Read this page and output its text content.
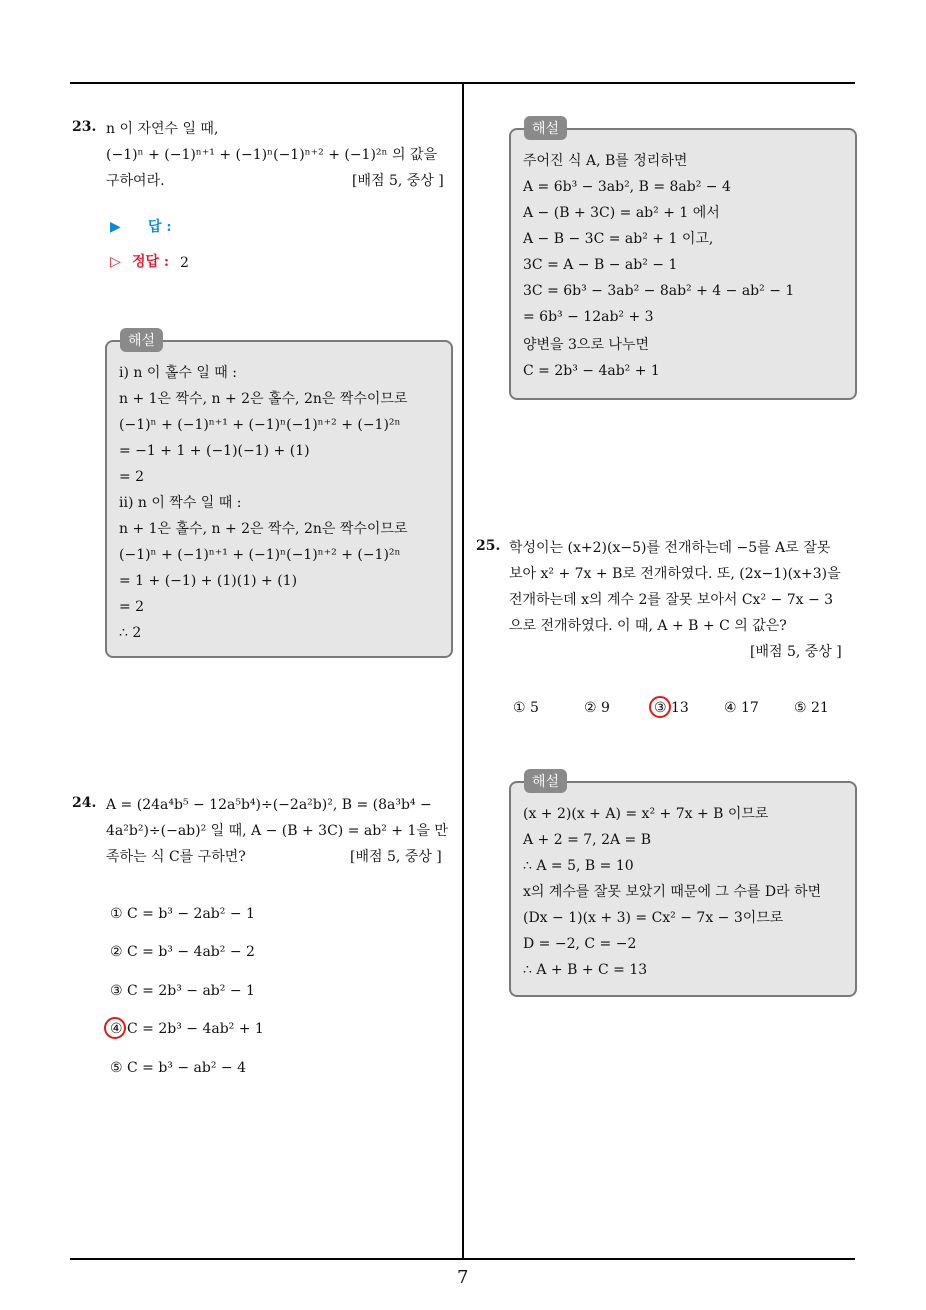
23. n 이 자연수 일 때,
(−1)ⁿ + (−1)ⁿ⁺¹ + (−1)ⁿ(−1)ⁿ⁺² + (−1)²ⁿ 의 값을
구하여라.	[배점 5, 중상 ]
▶ 답 :
▷ 정답 : 2
i) n 이 홀수 일 때 :
n + 1은 짝수, n + 2은 홀수, 2n은 짝수이므로
(−1)ⁿ + (−1)ⁿ⁺¹ + (−1)ⁿ(−1)ⁿ⁺² + (−1)²ⁿ
= −1 + 1 + (−1)(−1) + (1)
= 2
ii) n 이 짝수 일 때 :
n + 1은 홀수, n + 2은 짝수, 2n은 짝수이므로
(−1)ⁿ + (−1)ⁿ⁺¹ + (−1)ⁿ(−1)ⁿ⁺² + (−1)²ⁿ
= 1 + (−1) + (1)(1) + (1)
= 2
∴ 2
해설
24. A = (24a⁴b⁵ − 12a⁵b⁴)÷(−2a²b)², B = (8a³b⁴ −
4a²b²)÷(−ab)² 일 때, A − (B + 3C) = ab² + 1을 만
족하는 식 C를 구하면?	[배점 5, 중상 ]
① C = b³ − 2ab² − 1
② C = b³ − 4ab² − 2
③ C = 2b³ − ab² − 1
④ C = 2b³ − 4ab² + 1
⑤ C = b³ − ab² − 4
주어진 식 A, B를 정리하면
A = 6b³ − 3ab², B = 8ab² − 4
A − (B + 3C) = ab² + 1 에서
A − B − 3C = ab² + 1 이고,
3C = A − B − ab² − 1
3C = 6b³ − 3ab² − 8ab² + 4 − ab² − 1
= 6b³ − 12ab² + 3
양변을 3으로 나누면
C = 2b³ − 4ab² + 1
해설
25. 학성이는 (x+2)(x−5)를 전개하는데 −5를 A로 잘못
보아 x² + 7x + B로 전개하였다. 또, (2x−1)(x+3)을
전개하는데 x의 계수 2를 잘못 보아서 Cx² − 7x − 3
으로 전개하였다. 이 때, A + B + C 의 값은?
[배점 5, 중상 ]
① 5	② 9	③ 13	④ 17	⑤ 21
(x + 2)(x + A) = x² + 7x + B 이므로
A + 2 = 7, 2A = B
∴ A = 5, B = 10
x의 계수를 잘못 보았기 때문에 그 수를 D라 하면
(Dx − 1)(x + 3) = Cx² − 7x − 3이므로
D = −2, C = −2
∴ A + B + C = 13
해설
7
